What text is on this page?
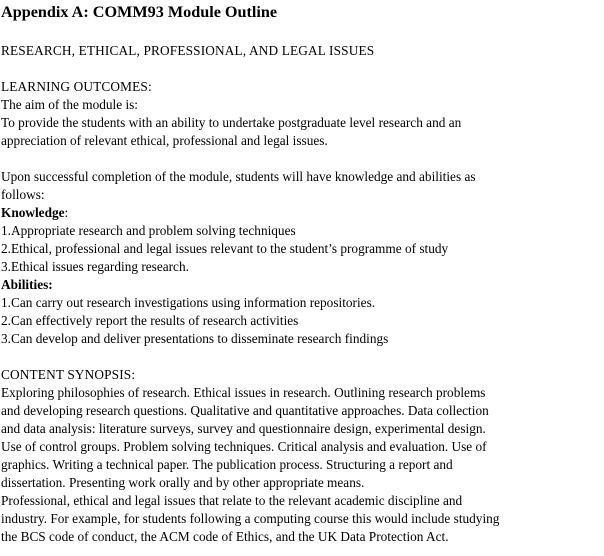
Appendix A: COMM93 Module Outline
RESEARCH, ETHICAL, PROFESSIONAL, AND LEGAL ISSUES
LEARNING OUTCOMES:
The aim of the module is:
To provide the students with an ability to undertake postgraduate level research and an
appreciation of relevant ethical, professional and legal issues.
Upon successful completion of the module, students will have knowledge and abilities as
follows:
Knowledge:
1.Appropriate research and problem solving techniques
2.Ethical, professional and legal issues relevant to the student’s programme of study
3.Ethical issues regarding research.
Abilities:
1.Can carry out research investigations using information repositories.
2.Can effectively report the results of research activities
3.Can develop and deliver presentations to disseminate research findings
CONTENT SYNOPSIS:
Exploring philosophies of research. Ethical issues in research. Outlining research problems
and developing research questions. Qualitative and quantitative approaches. Data collection
and data analysis: literature surveys, survey and questionnaire design, experimental design.
Use of control groups. Problem solving techniques. Critical analysis and evaluation. Use of
graphics. Writing a technical paper. The publication process. Structuring a report and
dissertation. Presenting work orally and by other appropriate means.
Professional, ethical and legal issues that relate to the relevant academic discipline and
industry. For example, for students following a computing course this would include studying
the BCS code of conduct, the ACM code of Ethics, and the UK Data Protection Act.
